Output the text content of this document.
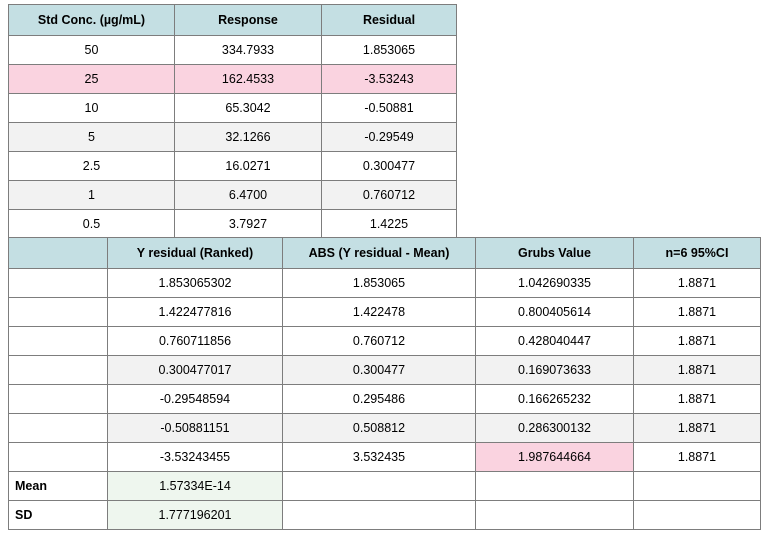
Std Conc. (µg/mL)	Response	Residual
50	334.7933	1.853065
25	162.4533	-3.53243
10	65.3042	-0.50881
5	32.1266	-0.29549
2.5	16.0271	0.300477
1	6.4700	0.760712
0.5	3.7927	1.4225
	Y residual (Ranked)	ABS (Y residual - Mean)	Grubs Value	n=6 95%CI
	1.853065302	1.853065	1.042690335	1.8871
	1.422477816	1.422478	0.800405614	1.8871
	0.760711856	0.760712	0.428040447	1.8871
	0.300477017	0.300477	0.169073633	1.8871
	-0.29548594	0.295486	0.166265232	1.8871
	-0.50881151	0.508812	0.286300132	1.8871
	-3.53243455	3.532435	1.987644664	1.8871
Mean	1.57334E-14			
SD	1.777196201			
